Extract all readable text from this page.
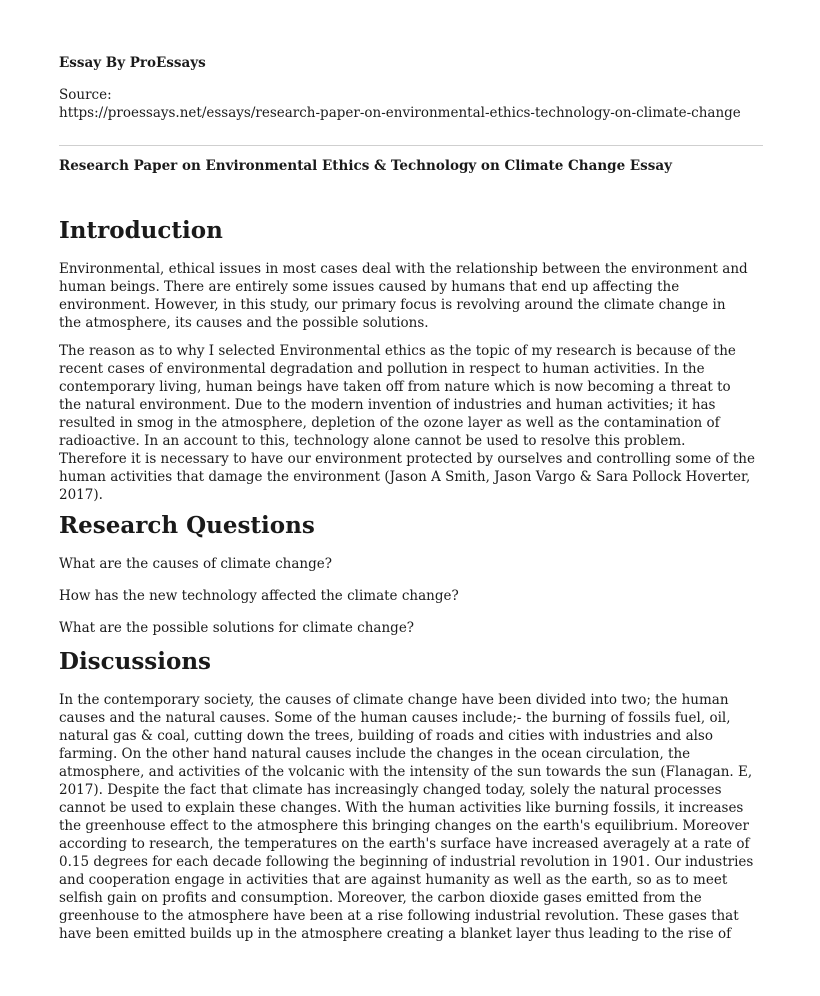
Essay By ProEssays

Source:

https://proessays.net/essays/research-paper-on-environmental-ethics-technology-on-climate-change

Research Paper on Environmental Ethics & Technology on Climate Change Essay

Introduction

Environmental, ethical issues in most cases deal with the relationship between the environment and
human beings. There are entirely some issues caused by humans that end up affecting the
environment. However, in this study, our primary focus is revolving around the climate change in
the atmosphere, its causes and the possible solutions.

The reason as to why I selected Environmental ethics as the topic of my research is because of the
recent cases of environmental degradation and pollution in respect to human activities. In the
contemporary living, human beings have taken off from nature which is now becoming a threat to
the natural environment. Due to the modern invention of industries and human activities; it has
resulted in smog in the atmosphere, depletion of the ozone layer as well as the contamination of
radioactive. In an account to this, technology alone cannot be used to resolve this problem.
Therefore it is necessary to have our environment protected by ourselves and controlling some of the
human activities that damage the environment (Jason A Smith, Jason Vargo & Sara Pollock Hoverter,
2017).

Research Questions

What are the causes of climate change?

How has the new technology affected the climate change?

What are the possible solutions for climate change?

Discussions

In the contemporary society, the causes of climate change have been divided into two; the human
causes and the natural causes. Some of the human causes include;- the burning of fossils fuel, oil,
natural gas & coal, cutting down the trees, building of roads and cities with industries and also
farming. On the other hand natural causes include the changes in the ocean circulation, the
atmosphere, and activities of the volcanic with the intensity of the sun towards the sun (Flanagan. E,
2017). Despite the fact that climate has increasingly changed today, solely the natural processes
cannot be used to explain these changes. With the human activities like burning fossils, it increases
the greenhouse effect to the atmosphere this bringing changes on the earth's equilibrium. Moreover
according to research, the temperatures on the earth's surface have increased averagely at a rate of
0.15 degrees for each decade following the beginning of industrial revolution in 1901. Our industries
and cooperation engage in activities that are against humanity as well as the earth, so as to meet
selfish gain on profits and consumption. Moreover, the carbon dioxide gases emitted from the
greenhouse to the atmosphere have been at a rise following industrial revolution. These gases that
have been emitted builds up in the atmosphere creating a blanket layer thus leading to the rise of
